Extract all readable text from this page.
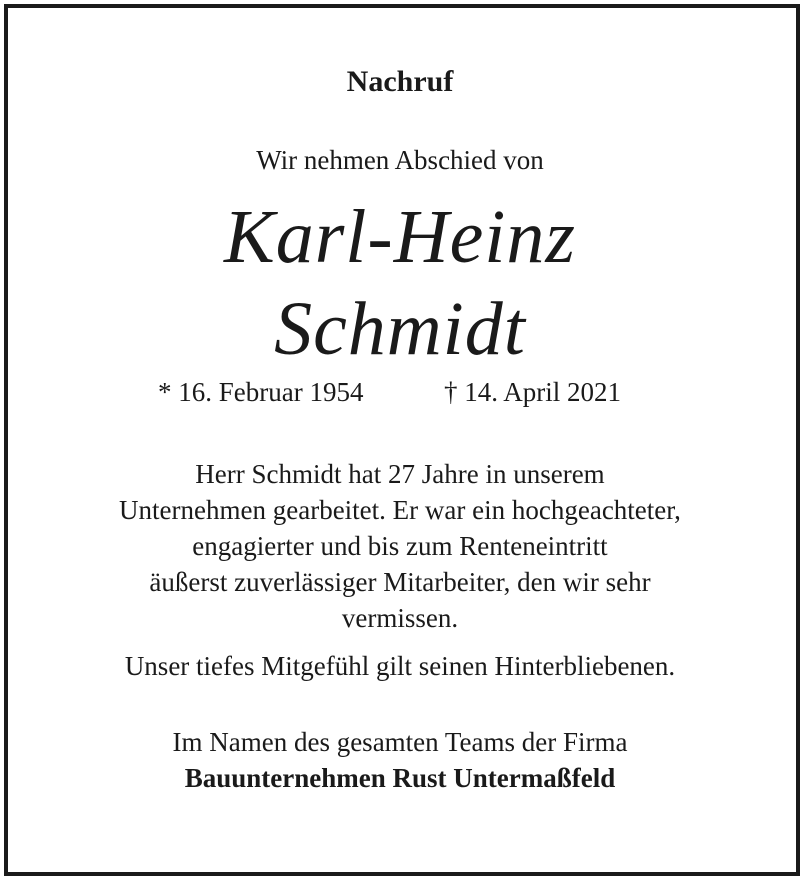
Nachruf
Wir nehmen Abschied von
Karl-Heinz
Schmidt
* 16. Februar 1954	† 14. April 2021
Herr Schmidt hat 27 Jahre in unserem
Unternehmen gearbeitet. Er war ein hochgeachteter,
engagierter und bis zum Renteneintritt
äußerst zuverlässiger Mitarbeiter, den wir sehr
vermissen.
Unser tiefes Mitgefühl gilt seinen Hinterbliebenen.
Im Namen des gesamten Teams der Firma
Bauunternehmen Rust Untermaßfeld
